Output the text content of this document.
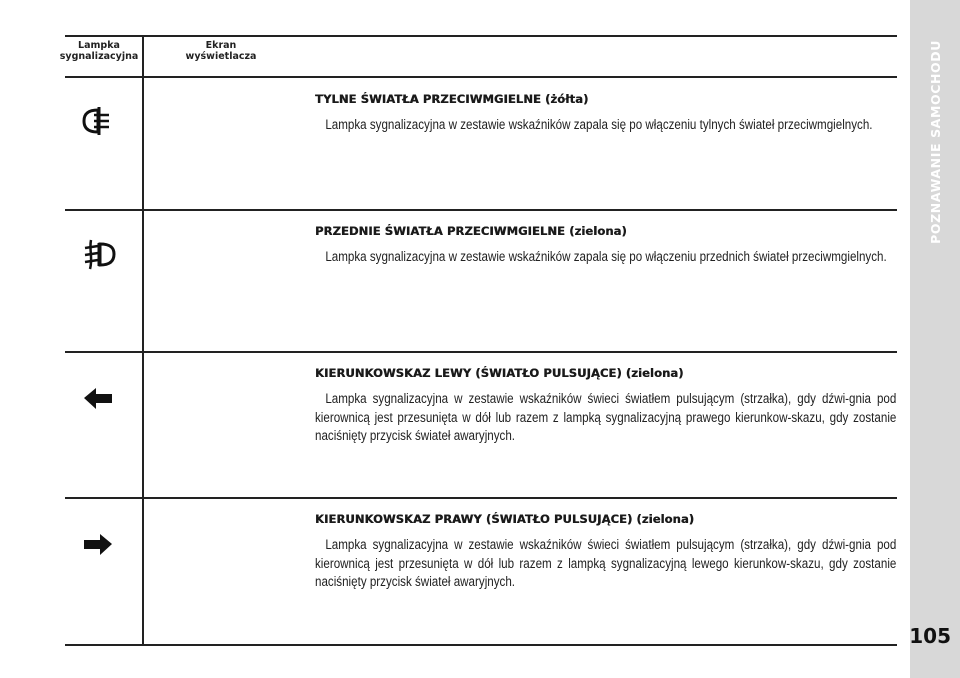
POZNAWANIE SAMOCHODU
105
Lampka sygnalizacyjna
Ekran wyświetlacza

TYLNE ŚWIATŁA PRZECIWMGIELNE (żółta)

Lampka sygnalizacyjna w zestawie wskaźników zapala się po włączeniu tylnych świateł przeciwmgielnych.

PRZEDNIE ŚWIATŁA PRZECIWMGIELNE (zielona)

Lampka sygnalizacyjna w zestawie wskaźników zapala się po włączeniu przednich świateł przeciwmgielnych.

KIERUNKOWSKAZ LEWY (ŚWIATŁO PULSUJĄCE) (zielona)

Lampka sygnalizacyjna w zestawie wskaźników świeci światłem pulsującym (strzałka), gdy dźwi-gnia pod kierownicą jest przesunięta w dół lub razem z lampką sygnalizacyjną prawego kierunkow-skazu, gdy zostanie naciśnięty przycisk świateł awaryjnych.

KIERUNKOWSKAZ PRAWY (ŚWIATŁO PULSUJĄCE) (zielona)

Lampka sygnalizacyjna w zestawie wskaźników świeci światłem pulsującym (strzałka), gdy dźwi-gnia pod kierownicą jest przesunięta w dół lub razem z lampką sygnalizacyjną lewego kierunkow-skazu, gdy zostanie naciśnięty przycisk świateł awaryjnych.
